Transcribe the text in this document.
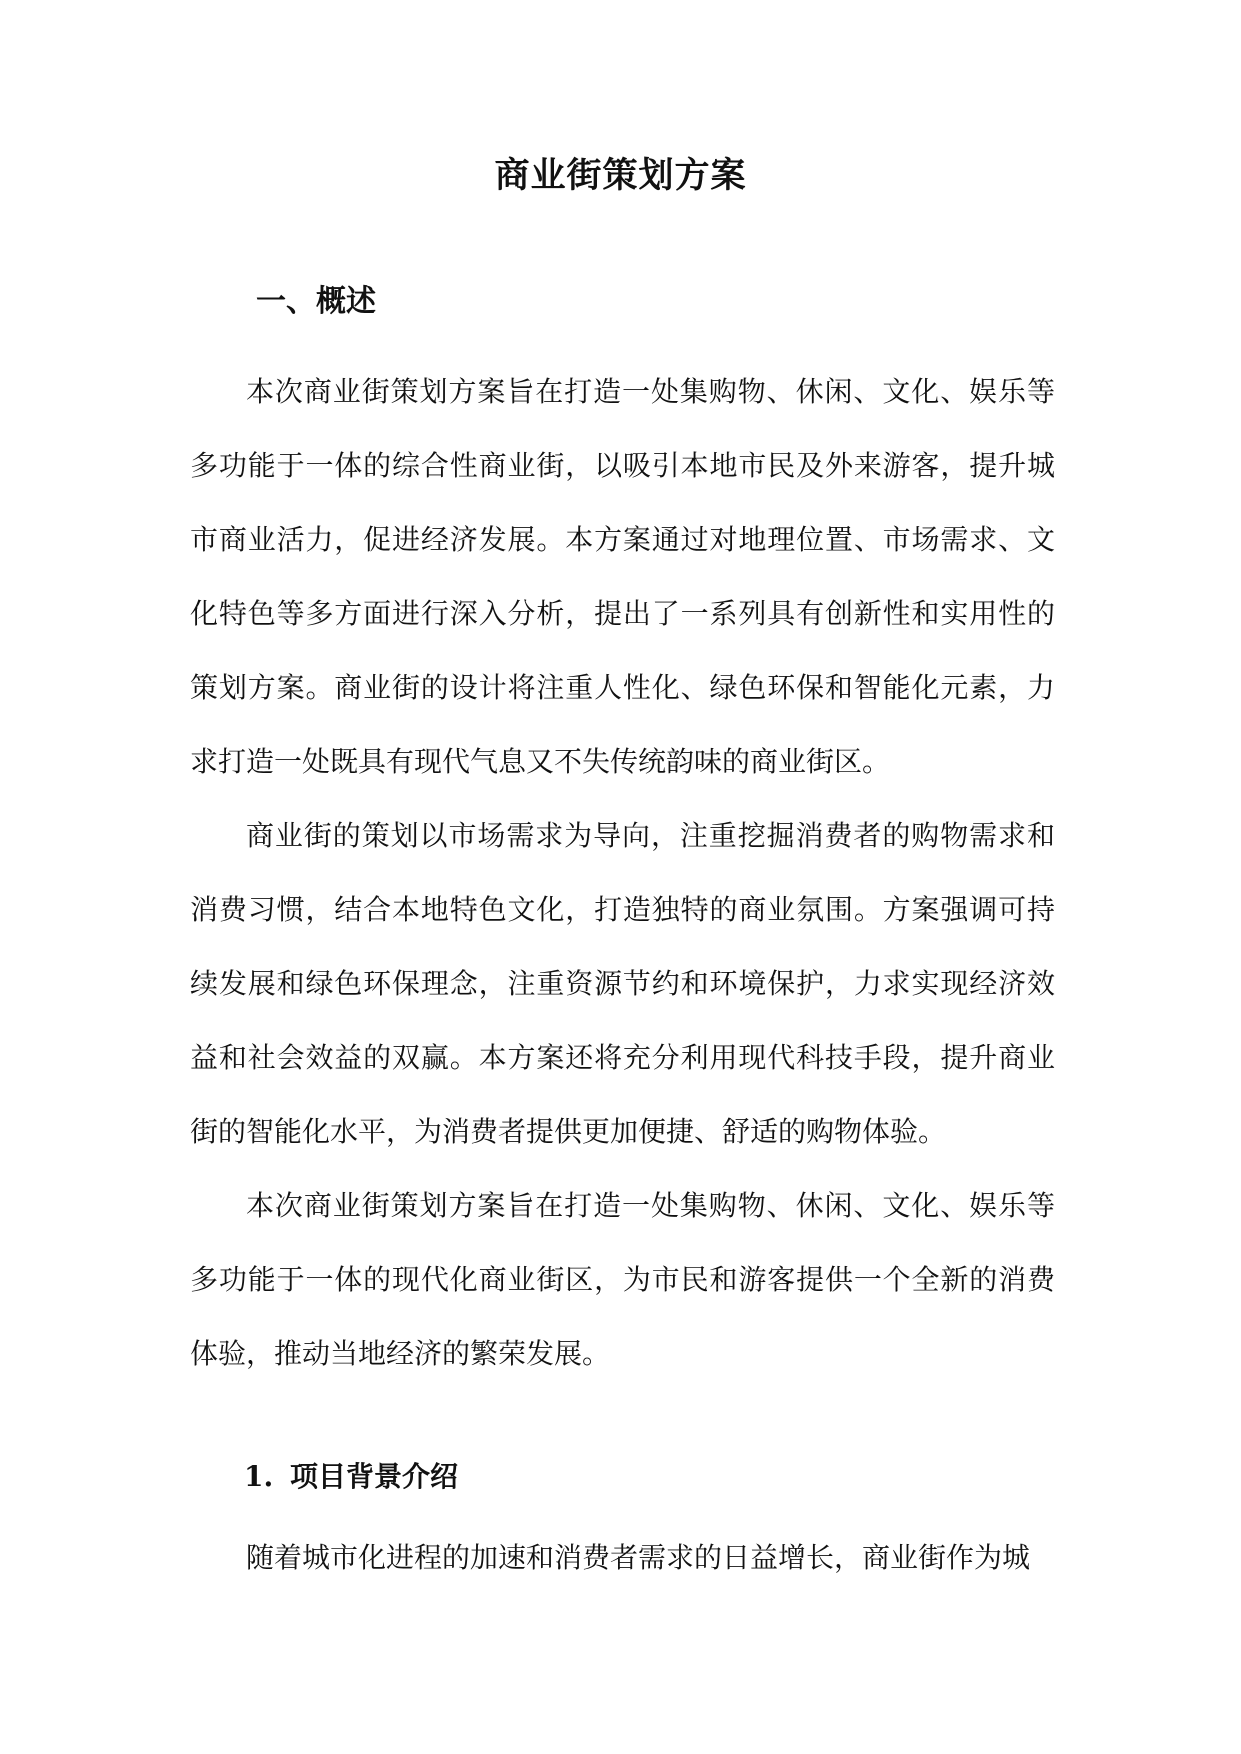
商业街策划方案
一、概述

本次商业街策划方案旨在打造一处集购物、休闲、文化、娱乐等多功能于一体的综合性商业街，以吸引本地市民及外来游客，提升城市商业活力，促进经济发展。本方案通过对地理位置、市场需求、文化特色等多方面进行深入分析，提出了一系列具有创新性和实用性的策划方案。商业街的设计将注重人性化、绿色环保和智能化元素，力求打造一处既具有现代气息又不失传统韵味的商业街区。

商业街的策划以市场需求为导向，注重挖掘消费者的购物需求和消费习惯，结合本地特色文化，打造独特的商业氛围。方案强调可持续发展和绿色环保理念，注重资源节约和环境保护，力求实现经济效益和社会效益的双赢。本方案还将充分利用现代科技手段，提升商业街的智能化水平，为消费者提供更加便捷、舒适的购物体验。

本次商业街策划方案旨在打造一处集购物、休闲、文化、娱乐等多功能于一体的现代化商业街区，为市民和游客提供一个全新的消费体验，推动当地经济的繁荣发展。

1. 项目背景介绍

随着城市化进程的加速和消费者需求的日益增长，商业街作为城
